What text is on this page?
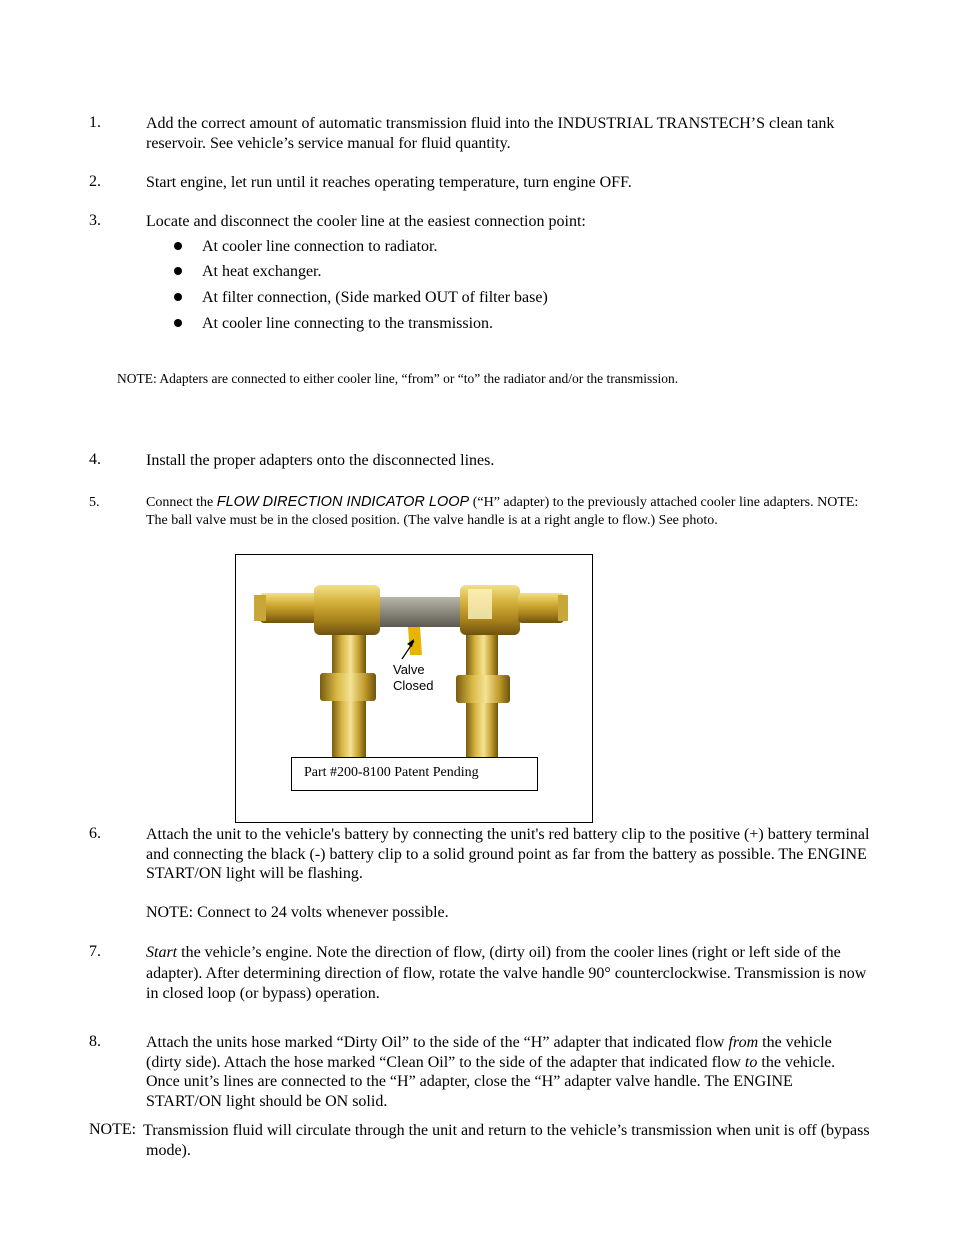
1.	Add the correct amount of automatic transmission fluid into the INDUSTRIAL TRANSTECH’S clean tank reservoir. See vehicle’s service manual for fluid quantity.
2.	Start engine, let run until it reaches operating temperature, turn engine OFF.
3.	Locate and disconnect the cooler line at the easiest connection point:
At cooler line connection to radiator.
At heat exchanger.
At filter connection, (Side marked OUT of filter base)
At cooler line connecting to the transmission.
NOTE: Adapters are connected to either cooler line, “from” or “to” the radiator and/or the transmission.
4.	Install the proper adapters onto the disconnected lines.
5.	Connect the FLOW DIRECTION INDICATOR LOOP (“H” adapter) to the previously attached cooler line adapters. NOTE: The ball valve must be in the closed position. (The valve handle is at a right angle to flow.) See photo.
Valve
Closed
Part #200-8100 Patent Pending
6.	Attach the unit to the vehicle's battery by connecting the unit's red battery clip to the positive (+) battery terminal and connecting the black (-) battery clip to a solid ground point as far from the battery as possible. The ENGINE START/ON light will be flashing.
NOTE: Connect to 24 volts whenever possible.
7.	Start the vehicle’s engine. Note the direction of flow, (dirty oil) from the cooler lines (right or left side of the adapter). After determining direction of flow, rotate the valve handle 90° counterclockwise. Transmission is now in closed loop (or bypass) operation.
8.	Attach the units hose marked “Dirty Oil” to the side of the “H” adapter that indicated flow from the vehicle (dirty side). Attach the hose marked “Clean Oil” to the side of the adapter that indicated flow to the vehicle. Once unit’s lines are connected to the “H” adapter, close the “H” adapter valve handle. The ENGINE START/ON light should be ON solid.
NOTE: Transmission fluid will circulate through the unit and return to the vehicle’s transmission when unit is off (bypass mode).
